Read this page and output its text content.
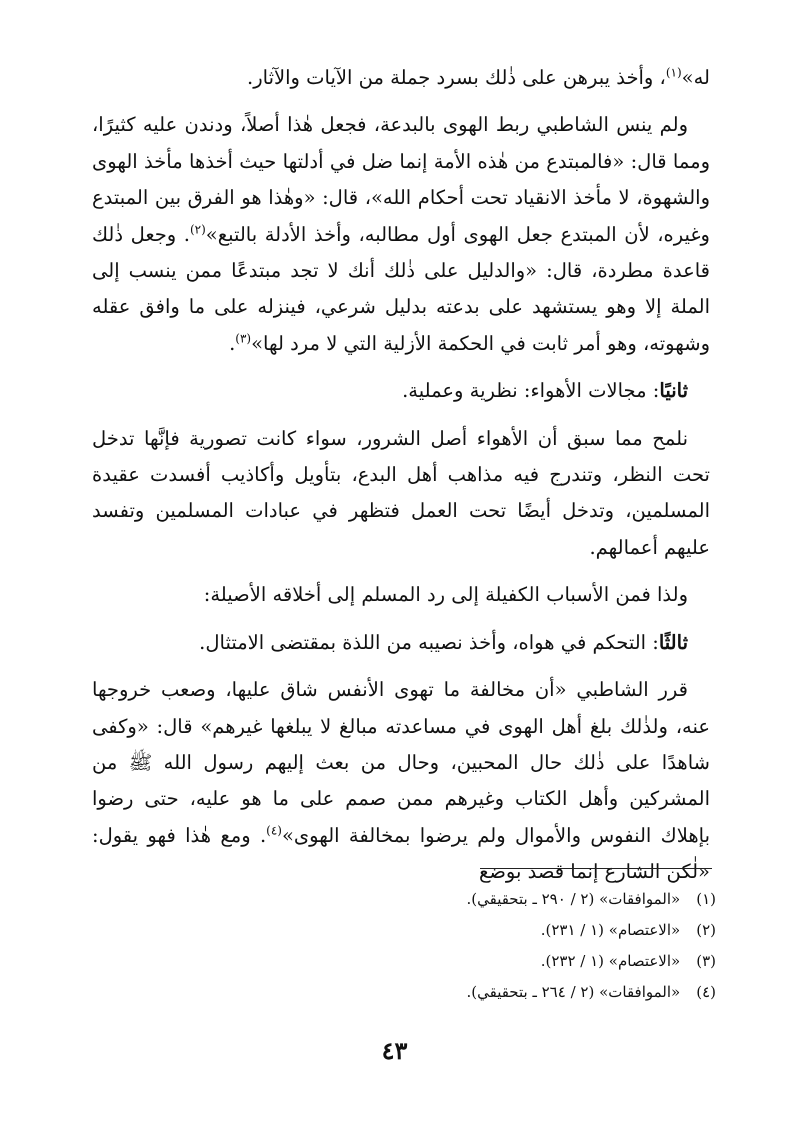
له»$^{(١)}$، وأخذ يبرهن على ذٰلك بسرد جملة من الآيات والآثار.

ولم ينس الشاطبي ربط الهوى بالبدعة، فجعل هٰذا أصلاً، ودندن عليه كثيرًا، ومما قال: «فالمبتدع من هٰذه الأمة إنما ضل في أدلتها حيث أخذها مأخذ الهوى والشهوة، لا مأخذ الانقياد تحت أحكام الله»، قال: «وهٰذا هو الفرق بين المبتدع وغيره، لأن المبتدع جعل الهوى أول مطالبه، وأخذ الأدلة بالتبع»$^{(٢)}$. وجعل ذٰلك قاعدة مطردة، قال: «والدليل على ذٰلك أنك لا تجد مبتدعًا ممن ينسب إلى الملة إلا وهو يستشهد على بدعته بدليل شرعي، فينزله على ما وافق عقله وشهوته، وهو أمر ثابت في الحكمة الأزلية التي لا مرد لها»$^{(٣)}$.

ثانيًا: مجالات الأهواء: نظرية وعملية.

نلمح مما سبق أن الأهواء أصل الشرور، سواء كانت تصورية فإنَّها تدخل تحت النظر، وتندرج فيه مذاهب أهل البدع، بتأويل وأكاذيب أفسدت عقيدة المسلمين، وتدخل أيضًا تحت العمل فتظهر في عبادات المسلمين وتفسد عليهم أعمالهم.

ولذا فمن الأسباب الكفيلة إلى رد المسلم إلى أخلاقه الأصيلة:

ثالثًا: التحكم في هواه، وأخذ نصيبه من اللذة بمقتضى الامتثال.

قرر الشاطبي «أن مخالفة ما تهوى الأنفس شاق عليها، وصعب خروجها عنه، ولذٰلك بلغ أهل الهوى في مساعدته مبالغ لا يبلغها غيرهم» قال: «وكفى شاهدًا على ذٰلك حال المحبين، وحال من بعث إليهم رسول الله ﷺ من المشركين وأهل الكتاب وغيرهم ممن صمم على ما هو عليه، حتى رضوا بإهلاك النفوس والأموال ولم يرضوا بمخالفة الهوى»$^{(٤)}$. ومع هٰذا فهو يقول: «لٰكن الشارع إنما قصد بوضع

(١)«الموافقات» (٢ / ٢٩٠ ـ بتحقيقي).
(٢)«الاعتصام» (١ / ٢٣١).
(٣)«الاعتصام» (١ / ٢٣٢).
(٤)«الموافقات» (٢ / ٢٦٤ ـ بتحقيقي).
٤٣
